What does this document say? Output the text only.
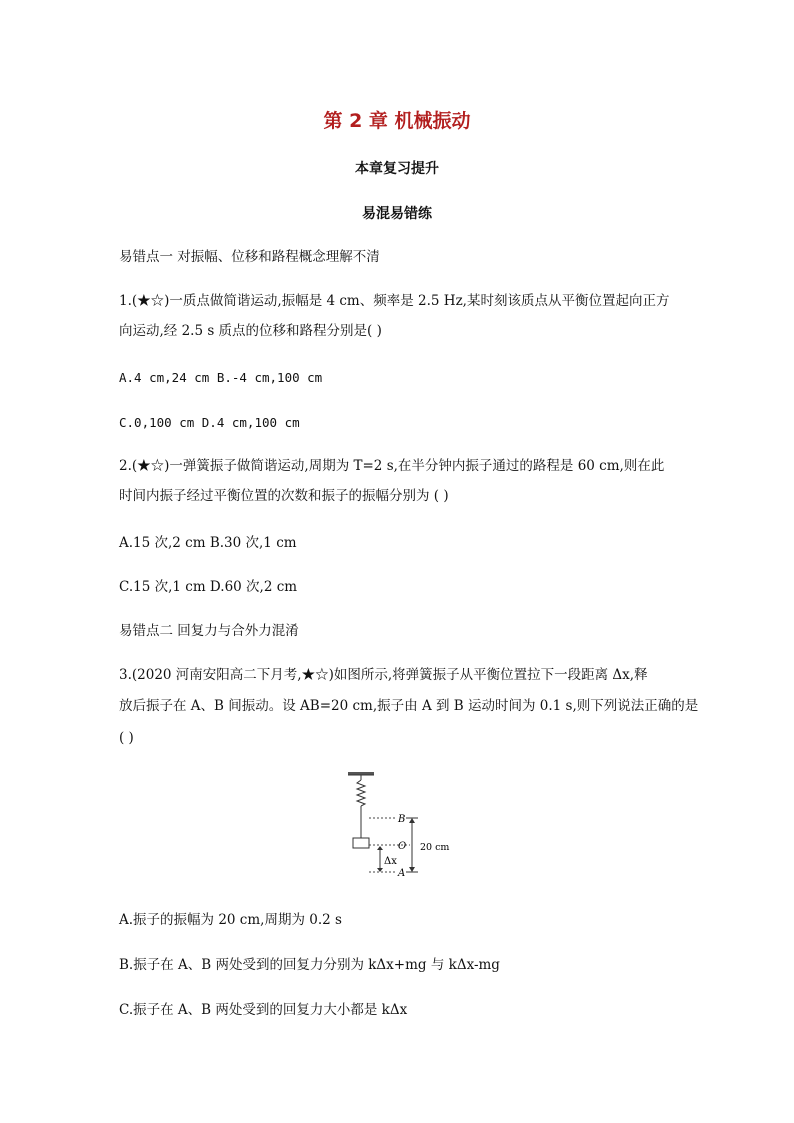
第 2 章 机械振动
本章复习提升
易混易错练
易错点一 对振幅、位移和路程概念理解不清
1.(★☆)一质点做简谐运动,振幅是 4 cm、频率是 2.5 Hz,某时刻该质点从平衡位置起向正方
向运动,经 2.5 s 质点的位移和路程分别是( )
A.4 cm,24 cm B.-4 cm,100 cm
C.0,100 cm D.4 cm,100 cm
2.(★☆)一弹簧振子做简谐运动,周期为 T=2 s,在半分钟内振子通过的路程是 60 cm,则在此
时间内振子经过平衡位置的次数和振子的振幅分别为 ( )
A.15 次,2 cm B.30 次,1 cm
C.15 次,1 cm D.60 次,2 cm
易错点二 回复力与合外力混淆
3.(2020 河南安阳高二下月考,★☆)如图所示,将弹簧振子从平衡位置拉下一段距离 Δx,释
放后振子在 A、B 间振动。设 AB=20 cm,振子由 A 到 B 运动时间为 0.1 s,则下列说法正确的是
( )
B
O
A
Δx
20 cm
A.振子的振幅为 20 cm,周期为 0.2 s
B.振子在 A、B 两处受到的回复力分别为 kΔx+mg 与 kΔx-mg
C.振子在 A、B 两处受到的回复力大小都是 kΔx
